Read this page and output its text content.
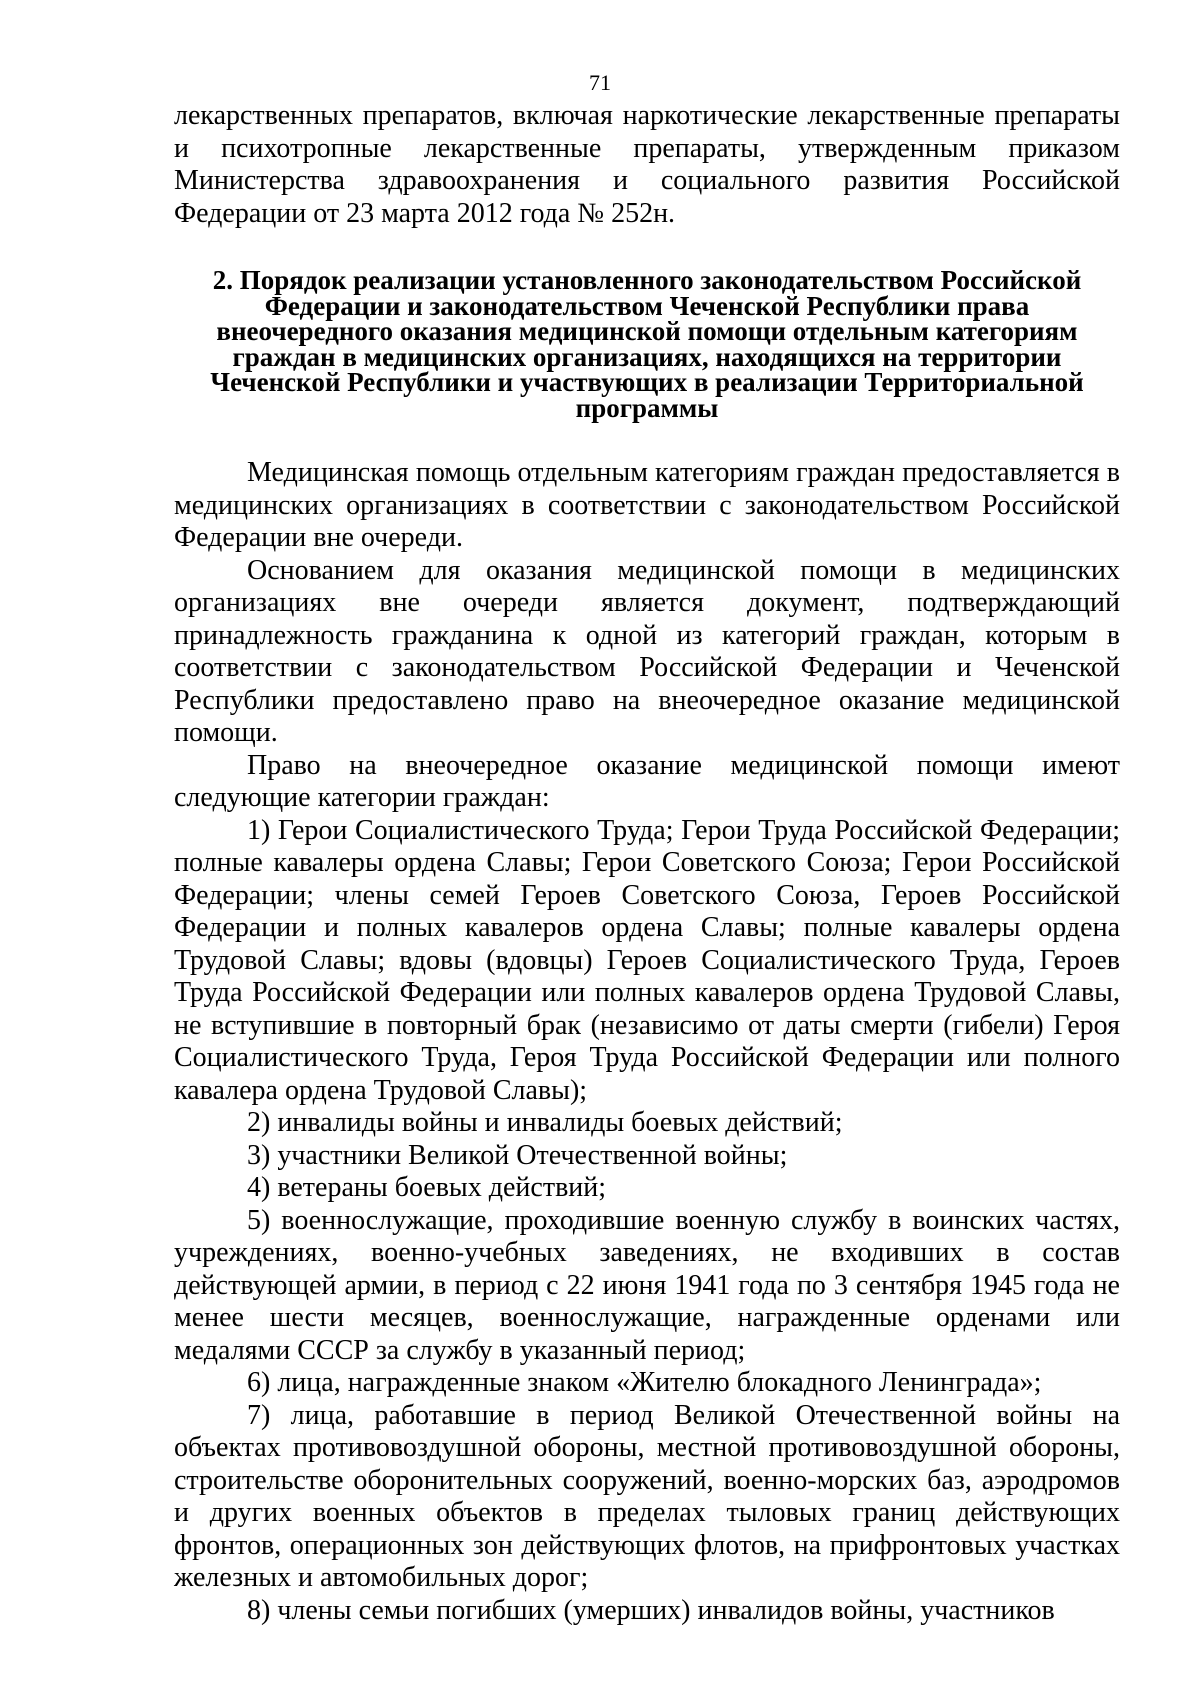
71

лекарственных препаратов, включая наркотические лекарственные препараты и психотропные лекарственные препараты, утвержденным приказом Министерства здравоохранения и социального развития Российской Федерации от 23 марта 2012 года № 252н.

2. Порядок реализации установленного законодательством Российской Федерации и законодательством Чеченской Республики права внеочередного оказания медицинской помощи отдельным категориям граждан в медицинских организациях, находящихся на территории Чеченской Республики и участвующих в реализации Территориальной программы

Медицинская помощь отдельным категориям граждан предоставляется в медицинских организациях в соответствии с законодательством Российской Федерации вне очереди.

Основанием для оказания медицинской помощи в медицинских организациях вне очереди является документ, подтверждающий принадлежность гражданина к одной из категорий граждан, которым в соответствии с законодательством Российской Федерации и Чеченской Республики предоставлено право на внеочередное оказание медицинской помощи.

Право на внеочередное оказание медицинской помощи имеют следующие категории граждан:

1) Герои Социалистического Труда; Герои Труда Российской Федерации; полные кавалеры ордена Славы; Герои Советского Союза; Герои Российской Федерации; члены семей Героев Советского Союза, Героев Российской Федерации и полных кавалеров ордена Славы; полные кавалеры ордена Трудовой Славы; вдовы (вдовцы) Героев Социалистического Труда, Героев Труда Российской Федерации или полных кавалеров ордена Трудовой Славы, не вступившие в повторный брак (независимо от даты смерти (гибели) Героя Социалистического Труда, Героя Труда Российской Федерации или полного кавалера ордена Трудовой Славы);

2) инвалиды войны и инвалиды боевых действий;

3) участники Великой Отечественной войны;

4) ветераны боевых действий;

5) военнослужащие, проходившие военную службу в воинских частях, учреждениях, военно-учебных заведениях, не входивших в состав действующей армии, в период с 22 июня 1941 года по 3 сентября 1945 года не менее шести месяцев, военнослужащие, награжденные орденами или медалями СССР за службу в указанный период;

6) лица, награжденные знаком «Жителю блокадного Ленинграда»;

7) лица, работавшие в период Великой Отечественной войны на объектах противовоздушной обороны, местной противовоздушной обороны, строительстве оборонительных сооружений, военно-морских баз, аэродромов и других военных объектов в пределах тыловых границ действующих фронтов, операционных зон действующих флотов, на прифронтовых участках железных и автомобильных дорог;

8) члены семьи погибших (умерших) инвалидов войны, участников
